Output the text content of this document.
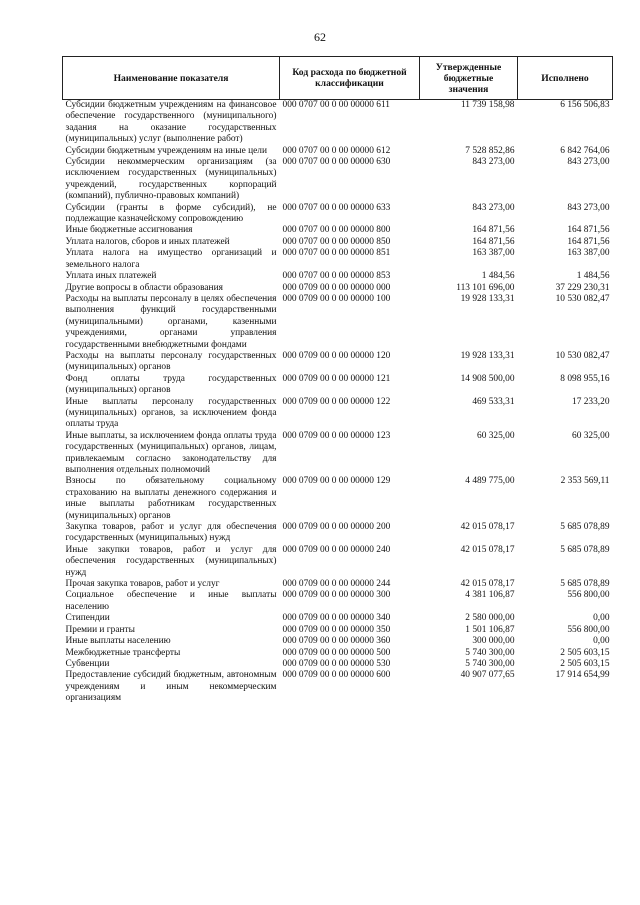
62
Наименование показателя	Код расхода по бюджетной классификации	Утвержденные бюджетные значения	Исполнено
Субсидии бюджетным учреждениям на финансовое обеспечение государственного (муниципального) задания на оказание государственных (муниципальных) услуг (выполнение работ)	000 0707 00 0 00 00000 611	11 739 158,98	6 156 506,83
Субсидии бюджетным учреждениям на иные цели	000 0707 00 0 00 00000 612	7 528 852,86	6 842 764,06
Субсидии некоммерческим организациям (за исключением государственных (муниципальных) учреждений, государственных корпораций (компаний), публично-правовых компаний)	000 0707 00 0 00 00000 630	843 273,00	843 273,00
Субсидии (гранты в форме субсидий), не подлежащие казначейскому сопровождению	000 0707 00 0 00 00000 633	843 273,00	843 273,00
Иные бюджетные ассигнования	000 0707 00 0 00 00000 800	164 871,56	164 871,56
Уплата налогов, сборов и иных платежей	000 0707 00 0 00 00000 850	164 871,56	164 871,56
Уплата налога на имущество организаций и земельного налога	000 0707 00 0 00 00000 851	163 387,00	163 387,00
Уплата иных платежей	000 0707 00 0 00 00000 853	1 484,56	1 484,56
Другие вопросы в области образования	000 0709 00 0 00 00000 000	113 101 696,00	37 229 230,31
Расходы на выплаты персоналу в целях обеспечения выполнения функций государственными (муниципальными) органами, казенными учреждениями, органами управления государственными внебюджетными фондами	000 0709 00 0 00 00000 100	19 928 133,31	10 530 082,47
Расходы на выплаты персоналу государственных (муниципальных) органов	000 0709 00 0 00 00000 120	19 928 133,31	10 530 082,47
Фонд оплаты труда государственных (муниципальных) органов	000 0709 00 0 00 00000 121	14 908 500,00	8 098 955,16
Иные выплаты персоналу государственных (муниципальных) органов, за исключением фонда оплаты труда	000 0709 00 0 00 00000 122	469 533,31	17 233,20
Иные выплаты, за исключением фонда оплаты труда государственных (муниципальных) органов, лицам, привлекаемым согласно законодательству для выполнения отдельных полномочий	000 0709 00 0 00 00000 123	60 325,00	60 325,00
Взносы по обязательному социальному страхованию на выплаты денежного содержания и иные выплаты работникам государственных (муниципальных) органов	000 0709 00 0 00 00000 129	4 489 775,00	2 353 569,11
Закупка товаров, работ и услуг для обеспечения государственных (муниципальных) нужд	000 0709 00 0 00 00000 200	42 015 078,17	5 685 078,89
Иные закупки товаров, работ и услуг для обеспечения государственных (муниципальных) нужд	000 0709 00 0 00 00000 240	42 015 078,17	5 685 078,89
Прочая закупка товаров, работ и услуг	000 0709 00 0 00 00000 244	42 015 078,17	5 685 078,89
Социальное обеспечение и иные выплаты населению	000 0709 00 0 00 00000 300	4 381 106,87	556 800,00
Стипендии	000 0709 00 0 00 00000 340	2 580 000,00	0,00
Премии и гранты	000 0709 00 0 00 00000 350	1 501 106,87	556 800,00
Иные выплаты населению	000 0709 00 0 00 00000 360	300 000,00	0,00
Межбюджетные трансферты	000 0709 00 0 00 00000 500	5 740 300,00	2 505 603,15
Субвенции	000 0709 00 0 00 00000 530	5 740 300,00	2 505 603,15
Предоставление субсидий бюджетным, автономным учреждениям и иным некоммерческим организациям	000 0709 00 0 00 00000 600	40 907 077,65	17 914 654,99
